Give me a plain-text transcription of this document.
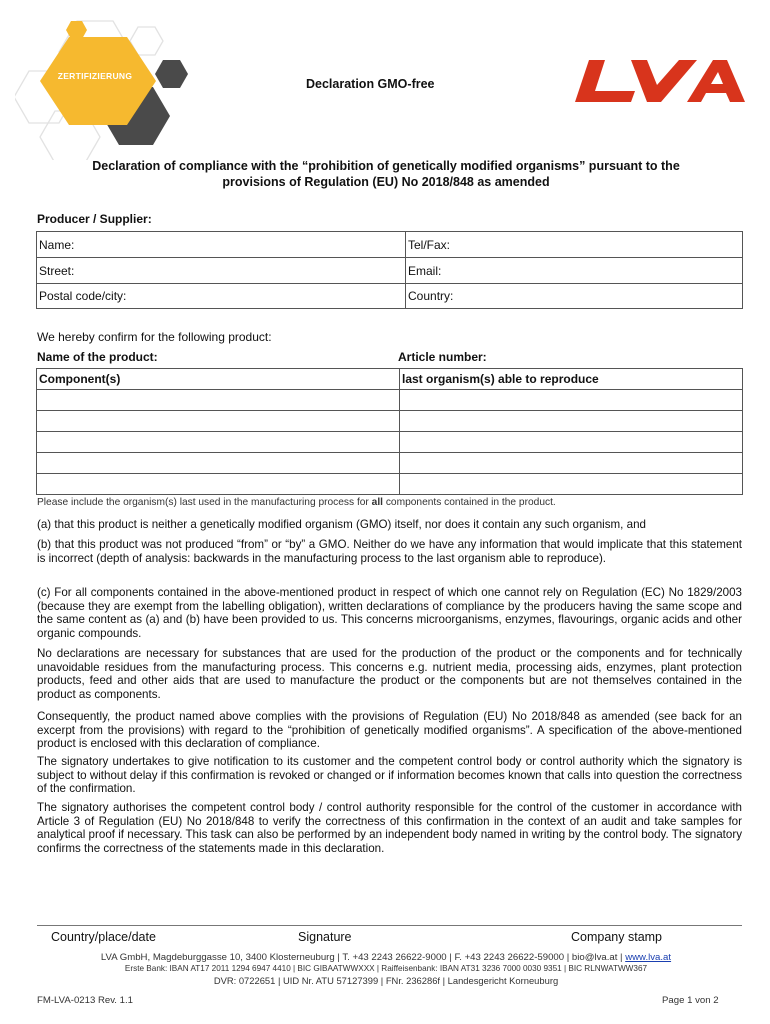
ZERTIFIZIERUNG
Declaration GMO-free
Declaration of compliance with the “prohibition of genetically modified organisms” pursuant to the
provisions of Regulation (EU) No 2018/848 as amended
Producer / Supplier:
Name:	Tel/Fax:
Street:	Email:
Postal code/city:	Country:
We hereby confirm for the following product:
Name of the product:	Article number:
Component(s)	last organism(s) able to reproduce

Please include the organism(s) last used in the manufacturing process for all components contained in the product.
(a) that this product is neither a genetically modified organism (GMO) itself, nor does it contain any such organism, and
(b) that this product was not produced “from” or “by” a GMO. Neither do we have any information that would implicate that this statement is incorrect (depth of analysis: backwards in the manufacturing process to the last organism able to reproduce).
(c) For all components contained in the above-mentioned product in respect of which one cannot rely on Regulation (EC) No 1829/2003 (because they are exempt from the labelling obligation), written declarations of compliance by the producers having the same scope and the same content as (a) and (b) have been provided to us. This concerns microorganisms, enzymes, flavourings, organic acids and other organic compounds.
No declarations are necessary for substances that are used for the production of the product or the components and for technically unavoidable residues from the manufacturing process. This concerns e.g. nutrient media, processing aids, enzymes, plant protection products, feed and other aids that are used to manufacture the product or the components but are not themselves contained in the product as components.
Consequently, the product named above complies with the provisions of Regulation (EU) No 2018/848 as amended (see back for an excerpt from the provisions) with regard to the “prohibition of genetically modified organisms”. A specification of the above-mentioned product is enclosed with this declaration of compliance.
The signatory undertakes to give notification to its customer and the competent control body or control authority which the signatory is subject to without delay if this confirmation is revoked or changed or if information becomes known that calls into question the correctness of the confirmation.
The signatory authorises the competent control body / control authority responsible for the control of the customer in accordance with Article 3 of Regulation (EU) No 2018/848 to verify the correctness of this confirmation in the context of an audit and take samples for analytical proof if necessary. This task can also be performed by an independent body named in writing by the control body. The signatory confirms the correctness of the statements made in this declaration.
Country/place/date	Signature	Company stamp
LVA GmbH, Magdeburggasse 10, 3400 Klosterneuburg | T. +43 2243 26622-9000 | F. +43 2243 26622-59000 | bio@lva.at | www.lva.at
Erste Bank: IBAN AT17 2011 1294 6947 4410 | BIC GIBAATWWXXX | Raiffeisenbank: IBAN AT31 3236 7000 0030 9351 | BIC RLNWATWW367
DVR: 0722651 | UID Nr. ATU 57127399 | FNr. 236286f | Landesgericht Korneuburg
FM-LVA-0213 Rev. 1.1	Page 1 von 2
